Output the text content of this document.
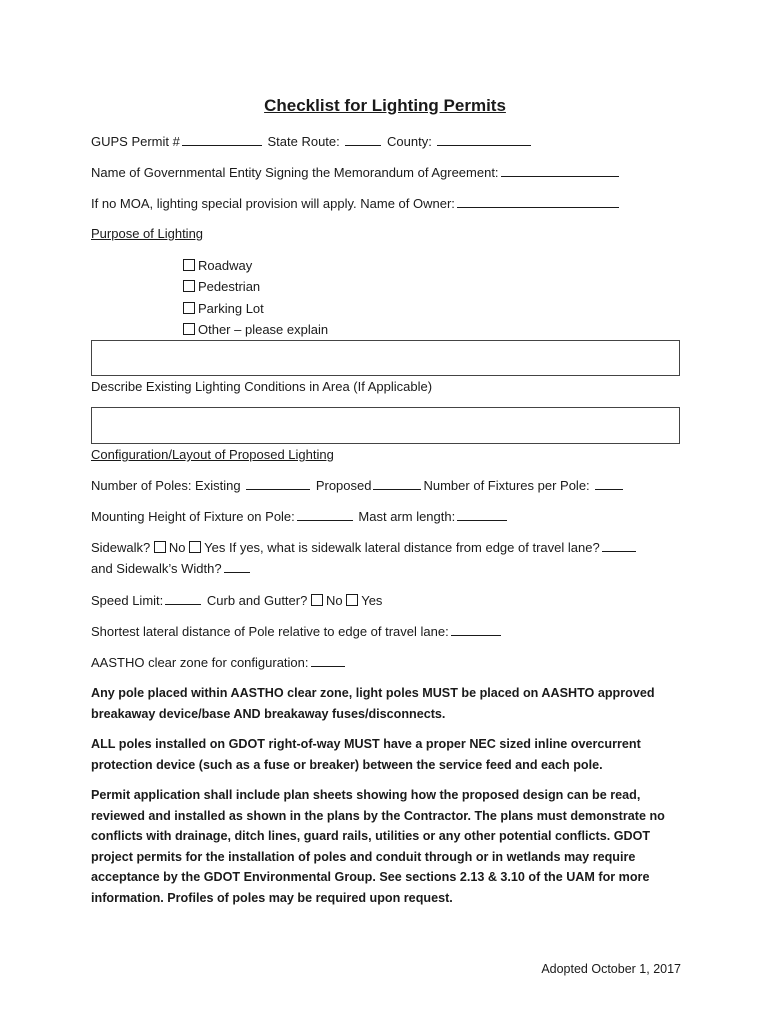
Checklist for Lighting Permits
GUPS Permit #	State Route:	County:
Name of Governmental Entity Signing the Memorandum of Agreement:
If no MOA, lighting special provision will apply. Name of Owner:
Purpose of Lighting
Roadway
Pedestrian
Parking Lot
Other – please explain
Describe Existing Lighting Conditions in Area (If Applicable)
Configuration/Layout of Proposed Lighting
Number of Poles: Existing	Proposed	Number of Fixtures per Pole:
Mounting Height of Fixture on Pole:	Mast arm length:
Sidewalk? No Yes If yes, what is sidewalk lateral distance from edge of travel lane?
and Sidewalk’s Width?
Speed Limit:	Curb and Gutter? No Yes
Shortest lateral distance of Pole relative to edge of travel lane:
AASTHO clear zone for configuration:
Any pole placed within AASTHO clear zone, light poles MUST be placed on AASHTO approved breakaway device/base AND breakaway fuses/disconnects.
ALL poles installed on GDOT right-of-way MUST have a proper NEC sized inline overcurrent protection device (such as a fuse or breaker) between the service feed and each pole.
Permit application shall include plan sheets showing how the proposed design can be read, reviewed and installed as shown in the plans by the Contractor. The plans must demonstrate no conflicts with drainage, ditch lines, guard rails, utilities or any other potential conflicts. GDOT project permits for the installation of poles and conduit through or in wetlands may require acceptance by the GDOT Environmental Group. See sections 2.13 & 3.10 of the UAM for more information. Profiles of poles may be required upon request.
Adopted October 1, 2017
